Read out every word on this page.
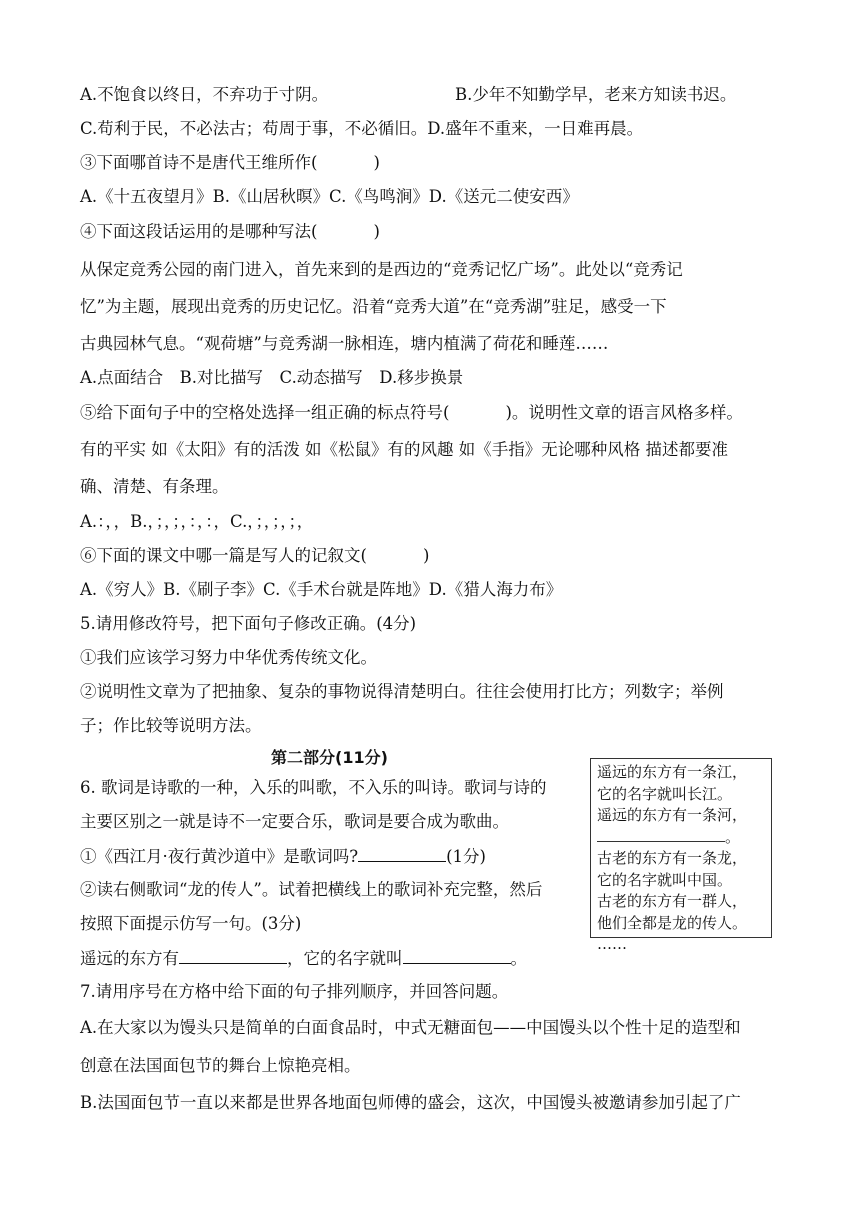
A.不饱食以终日，不弃功于寸阴。	B.少年不知勤学早，老来方知读书迟。
C.苟利于民，不必法古；苟周于事，不必循旧。D.盛年不重来，一日难再晨。
③下面哪首诗不是唐代王维所作(	)
A.《十五夜望月》B.《山居秋暝》C.《鸟鸣涧》D.《送元二使安西》
④下面这段话运用的是哪种写法(	)
从保定竞秀公园的南门进入，首先来到的是西边的“竞秀记忆广场”。此处以“竞秀记
忆”为主题，展现出竞秀的历史记忆。沿着“竞秀大道”在“竞秀湖”驻足，感受一下
古典园林气息。“观荷塘”与竞秀湖一脉相连，塘内植满了荷花和睡莲……
A.点面结合　B.对比描写　C.动态描写　D.移步换景
⑤给下面句子中的空格处选择一组正确的标点符号(	)。说明性文章的语言风格多样。
有的平实 如《太阳》有的活泼 如《松鼠》有的风趣 如《手指》无论哪种风格 描述都要准
确、清楚、有条理。
A.：，，B.，；，；，：，：，C.，；，；，；，
⑥下面的课文中哪一篇是写人的记叙文(	)
A.《穷人》B.《刷子李》C.《手术台就是阵地》D.《猎人海力布》
5.请用修改符号，把下面句子修改正确。(4分)
①我们应该学习努力中华优秀传统文化。
②说明性文章为了把抽象、复杂的事物说得清楚明白。往往会使用打比方；列数字；举例
子；作比较等说明方法。
第二部分(11分)
6. 歌词是诗歌的一种，入乐的叫歌，不入乐的叫诗。歌词与诗的
主要区别之一就是诗不一定要合乐，歌词是要合成为歌曲。
①《西江月·夜行黄沙道中》是歌词吗?	(1分)
②读右侧歌词“龙的传人”。试着把横线上的歌词补充完整，然后
按照下面提示仿写一句。(3分)
遥远的东方有	，它的名字就叫	。
遥远的东方有一条江，
它的名字就叫长江。
遥远的东方有一条河，
。
古老的东方有一条龙，
它的名字就叫中国。
古老的东方有一群人，
他们全都是龙的传人。
……
7.请用序号在方格中给下面的句子排列顺序，并回答问题。
A.在大家以为馒头只是简单的白面食品时，中式无糖面包——中国馒头以个性十足的造型和
创意在法国面包节的舞台上惊艳亮相。
B.法国面包节一直以来都是世界各地面包师傅的盛会，这次，中国馒头被邀请参加引起了广
